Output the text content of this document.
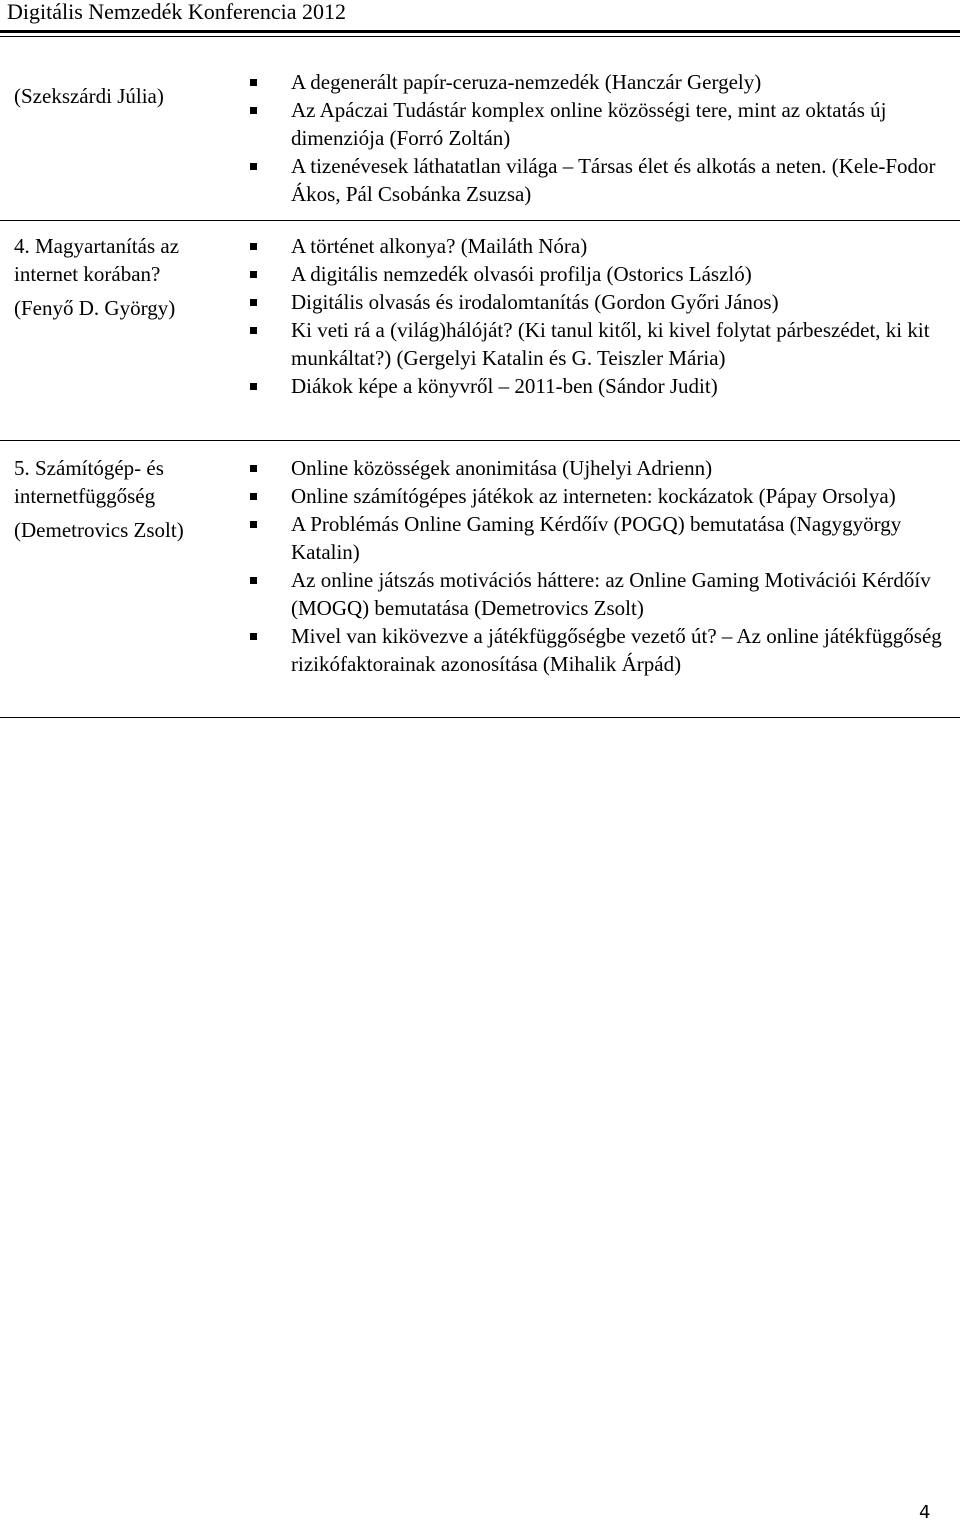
Digitális Nemzedék Konferencia 2012

(Szekszárdi Júlia)

A degenerált papír-ceruza-nemzedék (Hanczár Gergely)
Az Apáczai Tudástár komplex online közösségi tere, mint az oktatás új dimenziója (Forró Zoltán)
A tizenévesek láthatatlan világa – Társas élet és alkotás a neten. (Kele-Fodor Ákos, Pál Csobánka Zsuzsa)

4. Magyartanítás az internet korában?

(Fenyő D. György)

A történet alkonya? (Mailáth Nóra)
A digitális nemzedék olvasói profilja (Ostorics László)
Digitális olvasás és irodalomtanítás (Gordon Győri János)
Ki veti rá a (világ)hálóját? (Ki tanul kitől, ki kivel folytat párbeszédet, ki kit munkáltat?) (Gergelyi Katalin és G. Teiszler Mária)
Diákok képe a könyvről – 2011-ben (Sándor Judit)

5. Számítógép- és internetfüggőség

(Demetrovics Zsolt)

Online közösségek anonimitása (Ujhelyi Adrienn)
Online számítógépes játékok az interneten: kockázatok (Pápay Orsolya)
A Problémás Online Gaming Kérdőív (POGQ) bemutatása (Nagygyörgy Katalin)
Az online játszás motivációs háttere: az Online Gaming Motivációi Kérdőív (MOGQ) bemutatása (Demetrovics Zsolt)
Mivel van kikövezve a játékfüggőségbe vezető út? – Az online játékfüggőség rizikófaktorainak azonosítása (Mihalik Árpád)
4
